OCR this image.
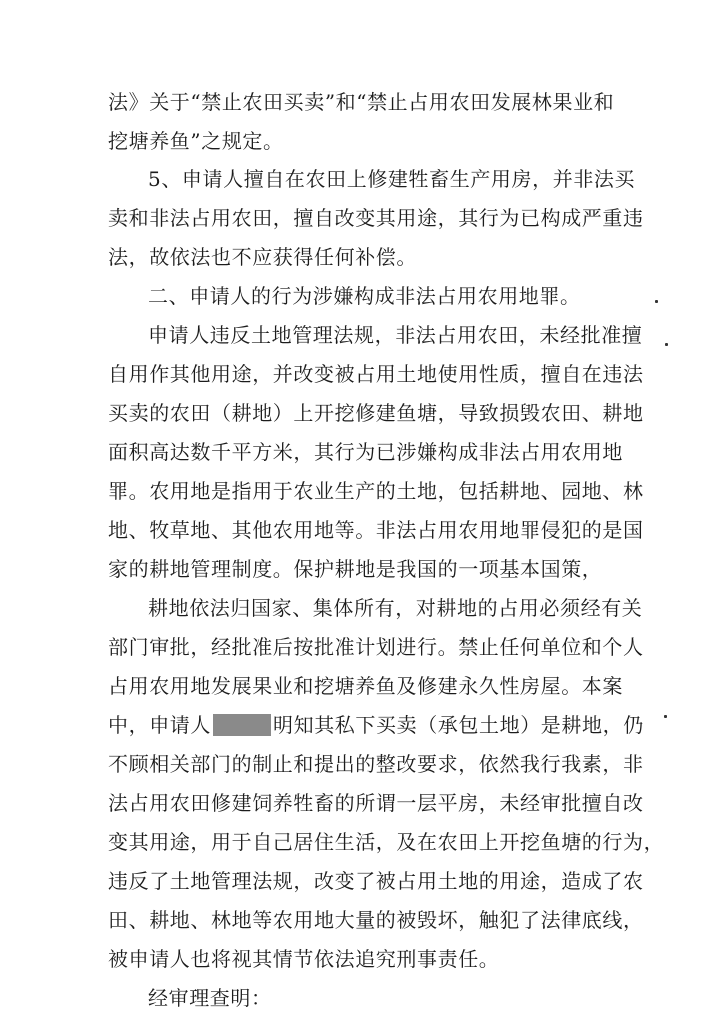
法》关于“禁止农田买卖”和“禁止占用农田发展林果业和
挖塘养鱼”之规定。
5、申请人擅自在农田上修建牲畜生产用房，并非法买
卖和非法占用农田，擅自改变其用途，其行为已构成严重违
法，故依法也不应获得任何补偿。
二、申请人的行为涉嫌构成非法占用农用地罪。
申请人违反土地管理法规，非法占用农田，未经批准擅
自用作其他用途，并改变被占用土地使用性质，擅自在违法
买卖的农田（耕地）上开挖修建鱼塘，导致损毁农田、耕地
面积高达数千平方米，其行为已涉嫌构成非法占用农用地
罪。农用地是指用于农业生产的土地，包括耕地、园地、林
地、牧草地、其他农用地等。非法占用农用地罪侵犯的是国
家的耕地管理制度。保护耕地是我国的一项基本国策，
耕地依法归国家、集体所有，对耕地的占用必须经有关
部门审批，经批准后按批准计划进行。禁止任何单位和个人
占用农用地发展果业和挖塘养鱼及修建永久性房屋。本案
中，申请人	明知其私下买卖（承包土地）是耕地，仍
不顾相关部门的制止和提出的整改要求，依然我行我素，非
法占用农田修建饲养牲畜的所谓一层平房，未经审批擅自改
变其用途，用于自己居住生活，及在农田上开挖鱼塘的行为，
违反了土地管理法规，改变了被占用土地的用途，造成了农
田、耕地、林地等农用地大量的被毁坏，触犯了法律底线，
被申请人也将视其情节依法追究刑事责任。
经审理查明：
